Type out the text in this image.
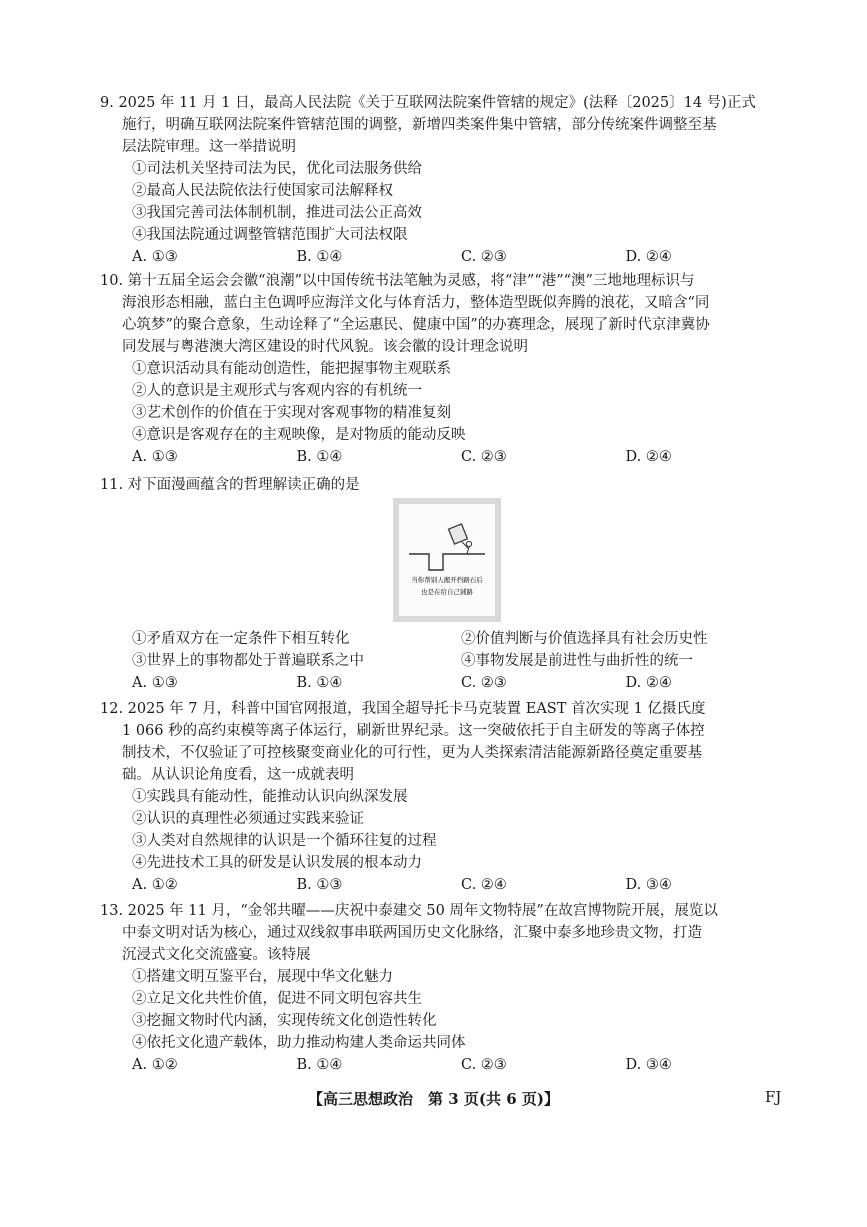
9. 2025 年 11 月 1 日，最高人民法院《关于互联网法院案件管辖的规定》(法释〔2025〕14 号)正式

施行，明确互联网法院案件管辖范围的调整，新增四类案件集中管辖，部分传统案件调整至基

层法院审理。这一举措说明

①司法机关坚持司法为民，优化司法服务供给

②最高人民法院依法行使国家司法解释权

③我国完善司法体制机制，推进司法公正高效

④我国法院通过调整管辖范围扩大司法权限

A. ①③	B. ①④	C. ②③	D. ②④

10. 第十五届全运会会徽“浪潮”以中国传统书法笔触为灵感，将“津”“港”“澳”三地地理标识与

海浪形态相融，蓝白主色调呼应海洋文化与体育活力，整体造型既似奔腾的浪花，又暗含“同

心筑梦”的聚合意象，生动诠释了“全运惠民、健康中国”的办赛理念，展现了新时代京津冀协

同发展与粤港澳大湾区建设的时代风貌。该会徽的设计理念说明

①意识活动具有能动创造性，能把握事物主观联系

②人的意识是主观形式与客观内容的有机统一

③艺术创作的价值在于实现对客观事物的精准复刻

④意识是客观存在的主观映像，是对物质的能动反映

A. ①③	B. ①④	C. ②③	D. ②④

11. 对下面漫画蕴含的哲理解读正确的是

当你帮别人搬开挡路石后
也是在给自己铺路
①矛盾双方在一定条件下相互转化	②价值判断与价值选择具有社会历史性
③世界上的事物都处于普遍联系之中	④事物发展是前进性与曲折性的统一
A. ①③	B. ①④	C. ②③	D. ②④

12. 2025 年 7 月，科普中国官网报道，我国全超导托卡马克装置 EAST 首次实现 1 亿摄氏度

1 066 秒的高约束模等离子体运行，刷新世界纪录。这一突破依托于自主研发的等离子体控

制技术，不仅验证了可控核聚变商业化的可行性，更为人类探索清洁能源新路径奠定重要基

础。从认识论角度看，这一成就表明

①实践具有能动性，能推动认识向纵深发展

②认识的真理性必须通过实践来验证

③人类对自然规律的认识是一个循环往复的过程

④先进技术工具的研发是认识发展的根本动力

A. ①②	B. ①③	C. ②④	D. ③④

13. 2025 年 11 月，“金邻共曜——庆祝中泰建交 50 周年文物特展”在故宫博物院开展，展览以

中泰文明对话为核心，通过双线叙事串联两国历史文化脉络，汇聚中泰多地珍贵文物，打造

沉浸式文化交流盛宴。该特展

①搭建文明互鉴平台，展现中华文化魅力

②立足文化共性价值，促进不同文明包容共生

③挖掘文物时代内涵，实现传统文化创造性转化

④依托文化遗产载体，助力推动构建人类命运共同体

A. ①②	B. ①④	C. ②③	D. ③④
【高三思想政治　第 3 页(共 6 页)】	FJ
